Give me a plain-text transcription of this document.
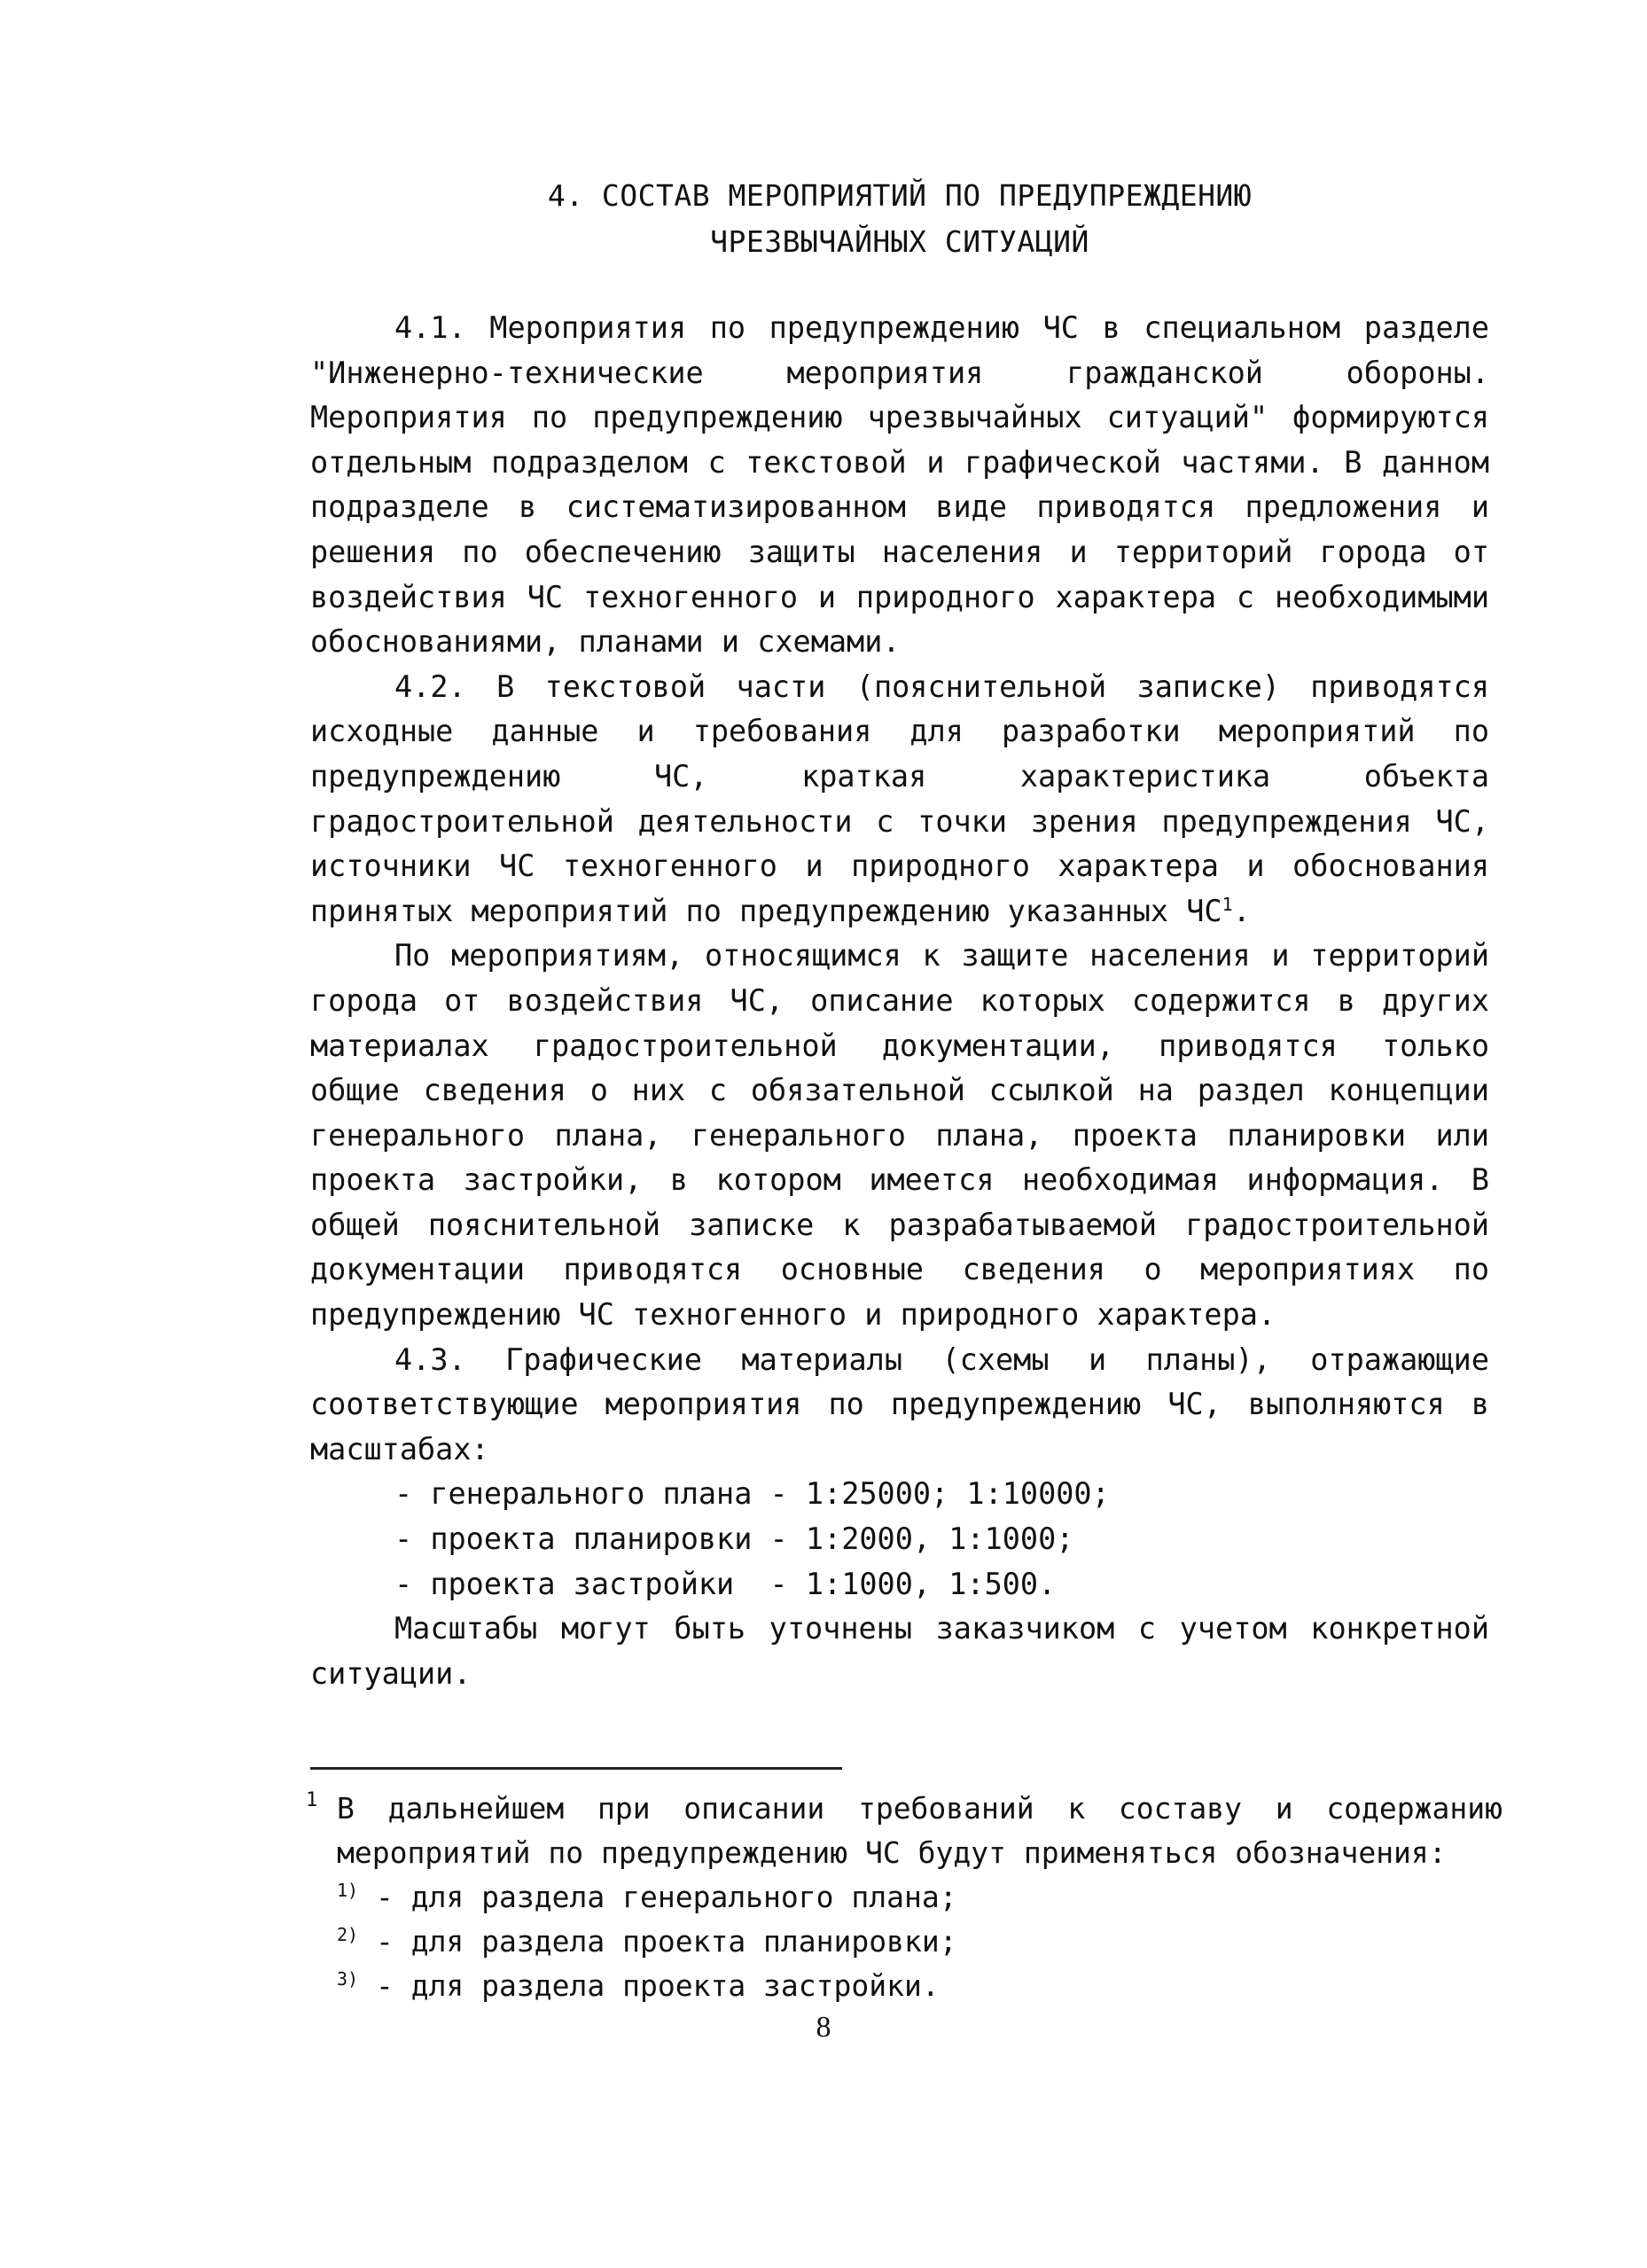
4. СОСТАВ МЕРОПРИЯТИЙ ПО ПРЕДУПРЕЖДЕНИЮ
ЧРЕЗВЫЧАЙНЫХ СИТУАЦИЙ

4.1. Мероприятия по предупреждению ЧС в специальном разделе "Инженерно-технические мероприятия гражданской обороны. Мероприятия по предупреждению чрезвычайных ситуаций" формируются отдельным подразделом с текстовой и графической частями. В данном подразделе в систематизированном виде приводятся предложения и решения по обеспечению защиты населения и территорий города от воздействия ЧС техногенного и природного характера с необходимыми обоснованиями, планами и схемами.

4.2. В текстовой части (пояснительной записке) приводятся исходные данные и требования для разработки мероприятий по предупреждению ЧС, краткая характеристика объекта градостроительной деятельности с точки зрения предупреждения ЧС, источники ЧС техногенного и природного характера и обоснования принятых мероприятий по предупреждению указанных $ЧС^1$.

По мероприятиям, относящимся к защите населения и территорий города от воздействия ЧС, описание которых содержится в других материалах градостроительной документации, приводятся только общие сведения о них с обязательной ссылкой на раздел концепции генерального плана, генерального плана, проекта планировки или проекта застройки, в котором имеется необходимая информация. В общей пояснительной записке к разрабатываемой градостроительной документации приводятся основные сведения о мероприятиях по предупреждению ЧС техногенного и природного характера.

4.3. Графические материалы (схемы и планы), отражающие соответствующие мероприятия по предупреждению ЧС, выполняются в масштабах:

- генерального плана - 1:25000; 1:10000;
- проекта планировки - 1:2000, 1:1000;
- проекта застройки  - 1:1000, 1:500.

Масштабы могут быть уточнены заказчиком с учетом конкретной ситуации.

1 В дальнейшем при описании требований к составу и содержанию мероприятий по предупреждению ЧС будут применяться обозначения:
$^{1)}$ - для раздела генерального плана;
$^{2)}$ - для раздела проекта планировки;
$^{3)}$ - для раздела проекта застройки.
8
